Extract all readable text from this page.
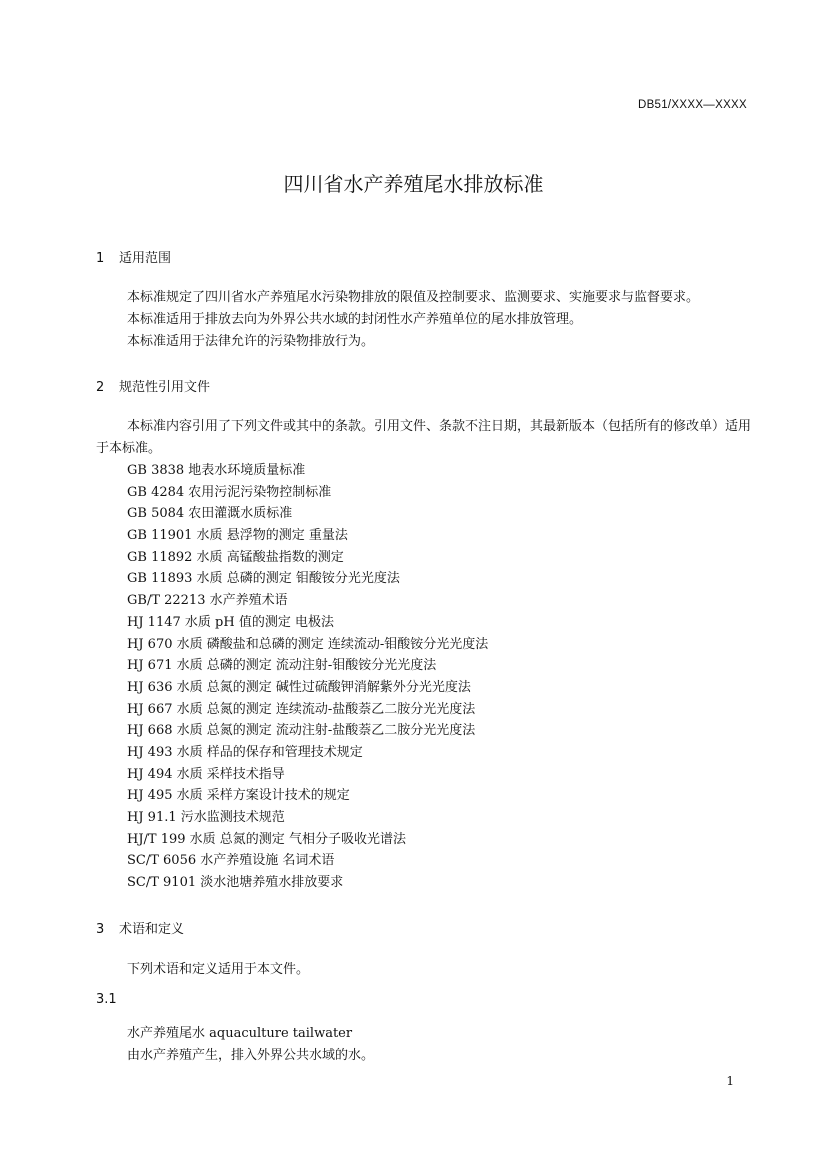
DB51/XXXX—XXXX
四川省水产养殖尾水排放标准
1 适用范围

本标准规定了四川省水产养殖尾水污染物排放的限值及控制要求、监测要求、实施要求与监督要求。

本标准适用于排放去向为外界公共水域的封闭性水产养殖单位的尾水排放管理。

本标准适用于法律允许的污染物排放行为。

2 规范性引用文件

本标准内容引用了下列文件或其中的条款。引用文件、条款不注日期，其最新版本（包括所有的修改单）适用于本标准。

GB 3838 地表水环境质量标准
GB 4284 农用污泥污染物控制标准
GB 5084 农田灌溉水质标准
GB 11901 水质 悬浮物的测定 重量法
GB 11892 水质 高锰酸盐指数的测定
GB 11893 水质 总磷的测定 钼酸铵分光光度法
GB/T 22213 水产养殖术语
HJ 1147 水质 pH 值的测定 电极法
HJ 670 水质 磷酸盐和总磷的测定 连续流动-钼酸铵分光光度法
HJ 671 水质 总磷的测定 流动注射-钼酸铵分光光度法
HJ 636 水质 总氮的测定 碱性过硫酸钾消解紫外分光光度法
HJ 667 水质 总氮的测定 连续流动-盐酸萘乙二胺分光光度法
HJ 668 水质 总氮的测定 流动注射-盐酸萘乙二胺分光光度法
HJ 493 水质 样品的保存和管理技术规定
HJ 494 水质 采样技术指导
HJ 495 水质 采样方案设计技术的规定
HJ 91.1 污水监测技术规范
HJ/T 199 水质 总氮的测定 气相分子吸收光谱法
SC/T 6056 水产养殖设施 名词术语
SC/T 9101 淡水池塘养殖水排放要求
3 术语和定义
下列术语和定义适用于本文件。
3.1
水产养殖尾水 aquaculture tailwater
由水产养殖产生，排入外界公共水域的水。
1
